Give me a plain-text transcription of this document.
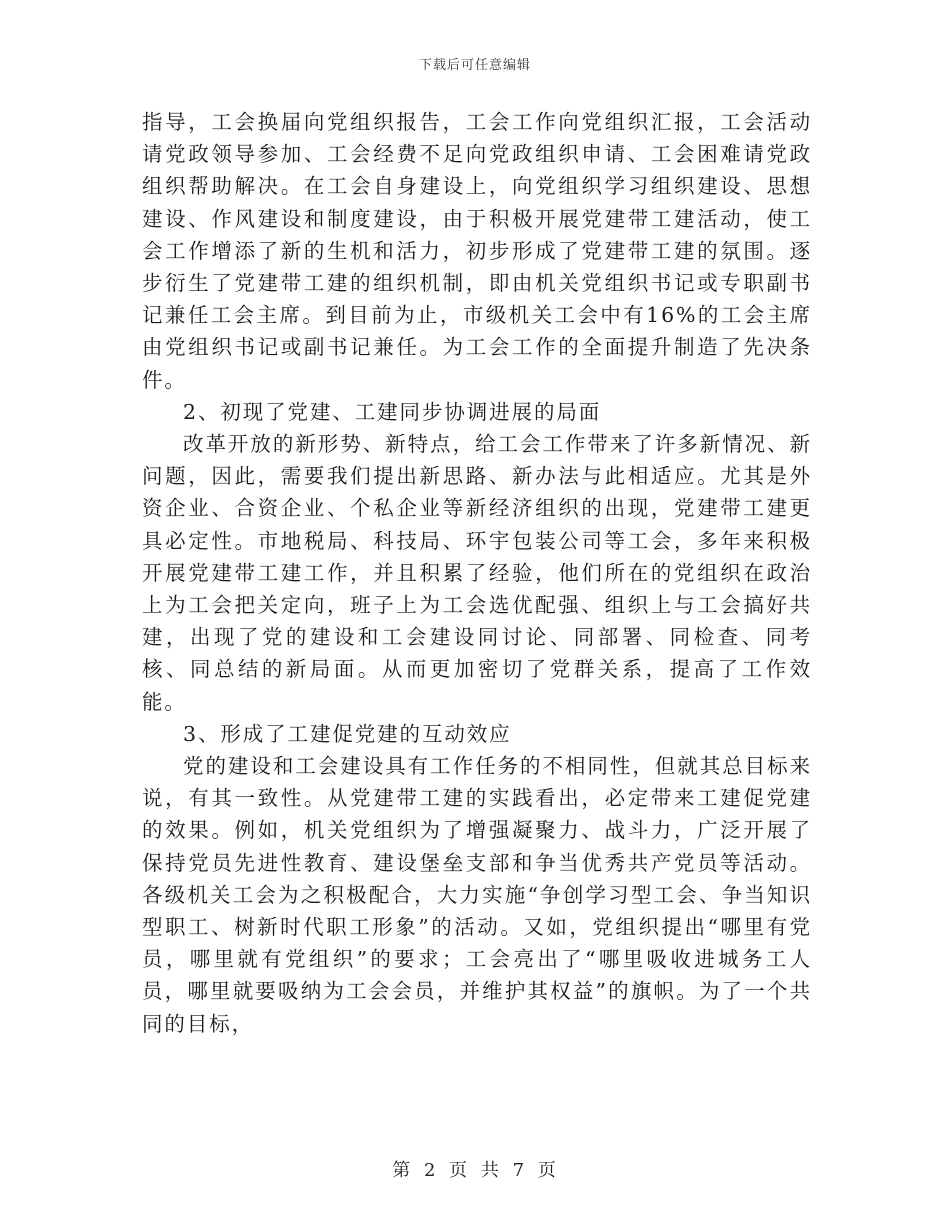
下载后可任意编辑

指导，工会换届向党组织报告，工会工作向党组织汇报，工会活动请党政领导参加、工会经费不足向党政组织申请、工会困难请党政组织帮助解决。在工会自身建设上，向党组织学习组织建设、思想建设、作风建设和制度建设，由于积极开展党建带工建活动，使工会工作增添了新的生机和活力，初步形成了党建带工建的氛围。逐步衍生了党建带工建的组织机制，即由机关党组织书记或专职副书记兼任工会主席。到目前为止，市级机关工会中有16%的工会主席由党组织书记或副书记兼任。为工会工作的全面提升制造了先决条件。

2、初现了党建、工建同步协调进展的局面

改革开放的新形势、新特点，给工会工作带来了许多新情况、新问题，因此，需要我们提出新思路、新办法与此相适应。尤其是外资企业、合资企业、个私企业等新经济组织的出现，党建带工建更具必定性。市地税局、科技局、环宇包装公司等工会，多年来积极开展党建带工建工作，并且积累了经验，他们所在的党组织在政治上为工会把关定向，班子上为工会选优配强、组织上与工会搞好共建，出现了党的建设和工会建设同讨论、同部署、同检查、同考核、同总结的新局面。从而更加密切了党群关系，提高了工作效能。

3、形成了工建促党建的互动效应

党的建设和工会建设具有工作任务的不相同性，但就其总目标来说，有其一致性。从党建带工建的实践看出，必定带来工建促党建的效果。例如，机关党组织为了增强凝聚力、战斗力，广泛开展了保持党员先进性教育、建设堡垒支部和争当优秀共产党员等活动。各级机关工会为之积极配合，大力实施“争创学习型工会、争当知识型职工、树新时代职工形象”的活动。又如，党组织提出“哪里有党员，哪里就有党组织”的要求；工会亮出了“哪里吸收进城务工人员，哪里就要吸纳为工会会员，并维护其权益”的旗帜。为了一个共同的目标，

第 2 页 共 7 页
